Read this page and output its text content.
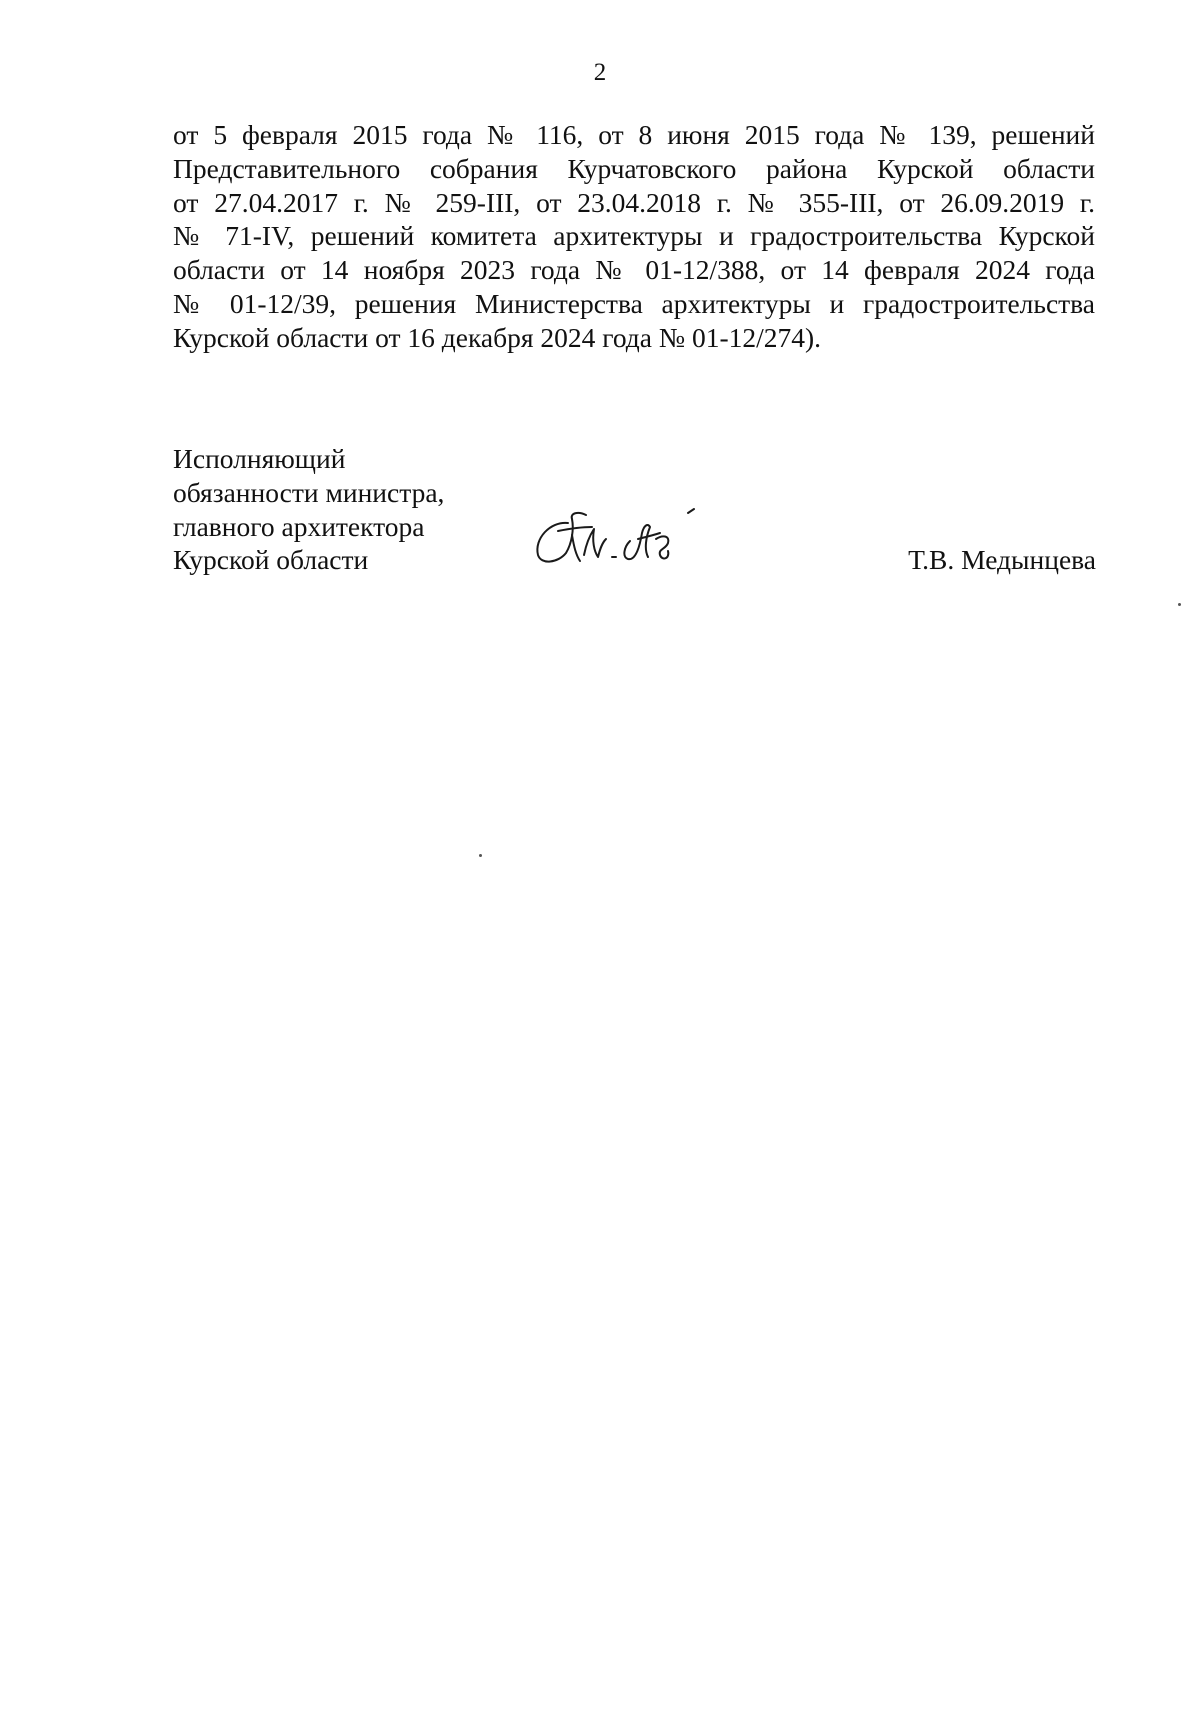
2
от 5 февраля 2015 года № 116, от 8 июня 2015 года № 139, решений
Представительного собрания Курчатовского района Курской области
от 27.04.2017 г. № 259-III, от 23.04.2018 г. № 355-III, от 26.09.2019 г.
№ 71-IV, решений комитета архитектуры и градостроительства Курской
области от 14 ноября 2023 года № 01-12/388, от 14 февраля 2024 года
№ 01-12/39, решения Министерства архитектуры и градостроительства
Курской области от 16 декабря 2024 года № 01-12/274).
Исполняющий
обязанности министра,
главного архитектора
Курской области	Т.В. Медынцева
